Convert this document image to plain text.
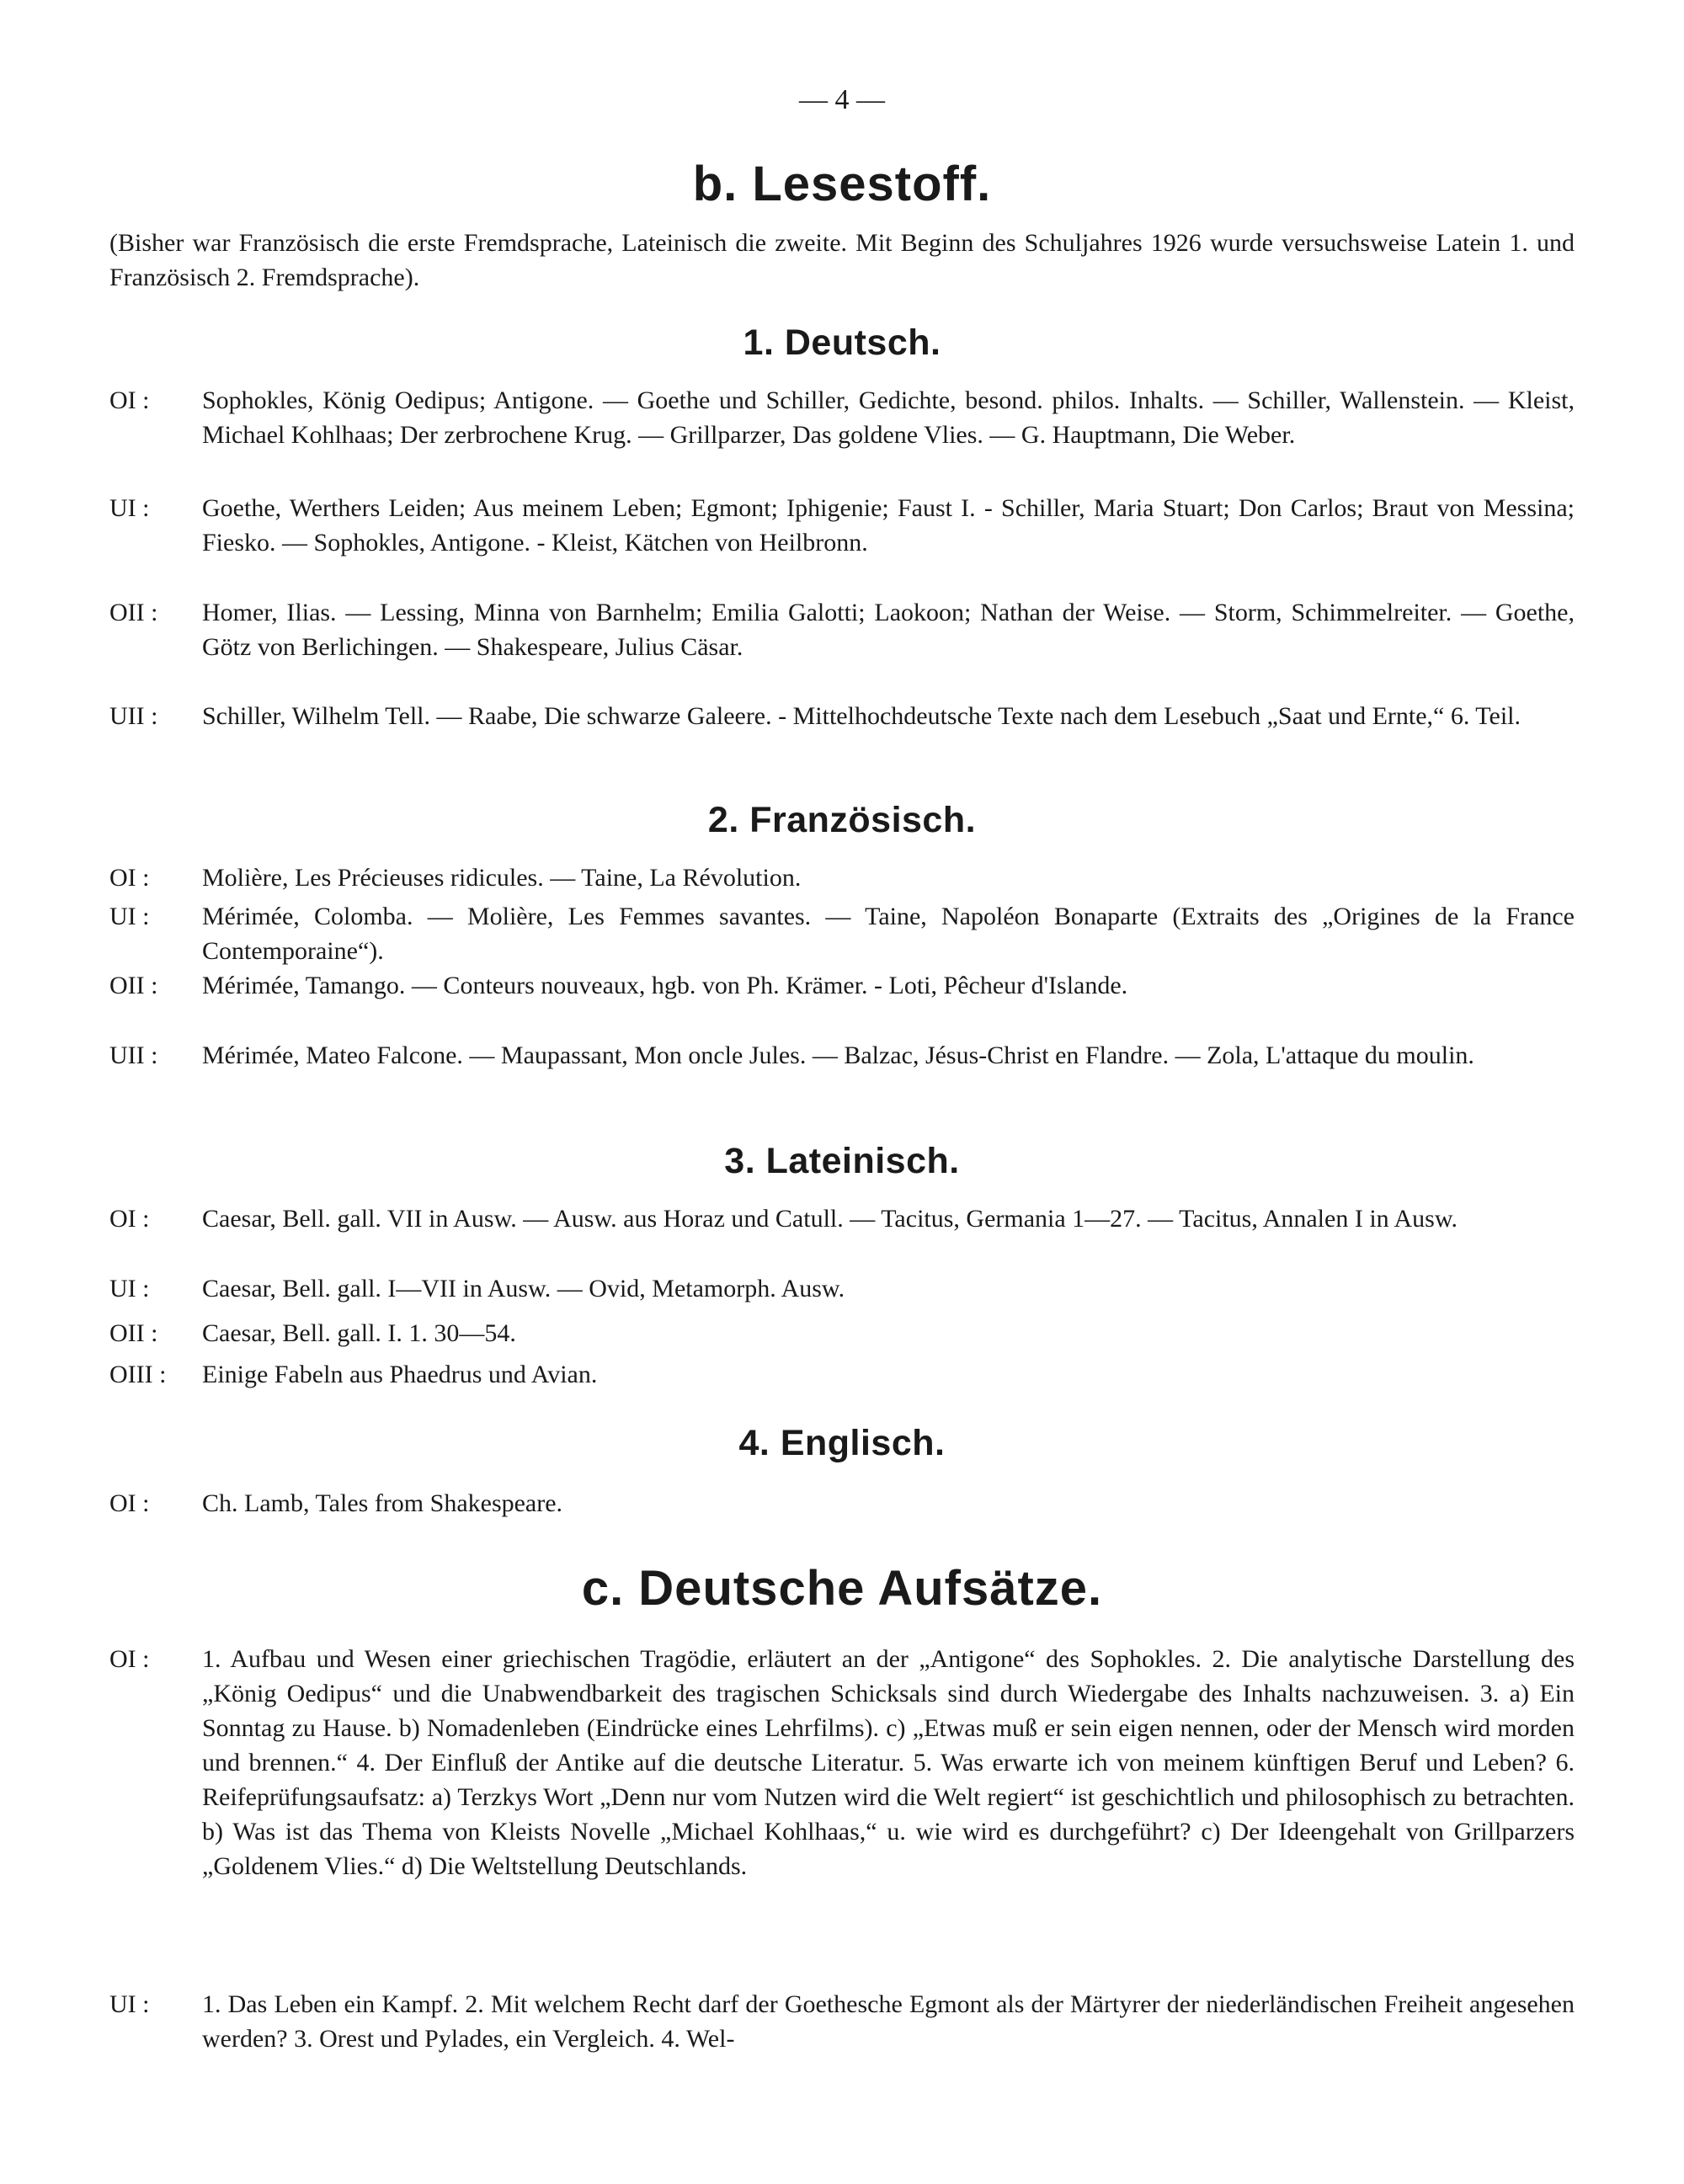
— 4 —
b. Lesestoff.

(Bisher war Französisch die erste Fremdsprache, Lateinisch die zweite. Mit Beginn des Schuljahres 1926 wurde versuchsweise Latein 1. und Französisch 2. Fremdsprache).

1. Deutsch.
OI :	Sophokles, König Oedipus; Antigone. — Goethe und Schiller, Gedichte, besond. philos. Inhalts. — Schiller, Wallenstein. — Kleist, Michael Kohlhaas; Der zerbrochene Krug. — Grillparzer, Das goldene Vlies. — G. Hauptmann, Die Weber.

UI :	Goethe, Werthers Leiden; Aus meinem Leben; Egmont; Iphigenie; Faust I. - Schiller, Maria Stuart; Don Carlos; Braut von Messina; Fiesko. — Sophokles, Antigone. - Kleist, Kätchen von Heilbronn.

OII :	Homer, Ilias. — Lessing, Minna von Barnhelm; Emilia Galotti; Laokoon; Nathan der Weise. — Storm, Schimmelreiter. — Goethe, Götz von Berlichingen. — Shakespeare, Julius Cäsar.

UII :	Schiller, Wilhelm Tell. — Raabe, Die schwarze Galeere. - Mittelhochdeutsche Texte nach dem Lesebuch „Saat und Ernte,“ 6. Teil.

2. Französisch.
OI :	Molière, Les Précieuses ridicules. — Taine, La Révolution.

UI :	Mérimée, Colomba. — Molière, Les Femmes savantes. — Taine, Napoléon Bonaparte (Extraits des „Origines de la France Contemporaine“).

OII :	Mérimée, Tamango. — Conteurs nouveaux, hgb. von Ph. Krämer. - Loti, Pêcheur d'Islande.

UII :	Mérimée, Mateo Falcone. — Maupassant, Mon oncle Jules. — Balzac, Jésus-Christ en Flandre. — Zola, L'attaque du moulin.

3. Lateinisch.
OI :	Caesar, Bell. gall. VII in Ausw. — Ausw. aus Horaz und Catull. — Tacitus, Germania 1—27. — Tacitus, Annalen I in Ausw.

UI :	Caesar, Bell. gall. I—VII in Ausw. — Ovid, Metamorph. Ausw.

OII :	Caesar, Bell. gall. I. 1. 30—54.

OIII :	Einige Fabeln aus Phaedrus und Avian.

4. Englisch.
OI :	Ch. Lamb, Tales from Shakespeare.

c. Deutsche Aufsätze.
OI :	1. Aufbau und Wesen einer griechischen Tragödie, erläutert an der „Antigone“ des Sophokles. 2. Die analytische Darstellung des „König Oedipus“ und die Unabwendbarkeit des tragischen Schicksals sind durch Wiedergabe des Inhalts nachzuweisen. 3. a) Ein Sonntag zu Hause. b) Nomadenleben (Eindrücke eines Lehrfilms). c) „Etwas muß er sein eigen nennen, oder der Mensch wird morden und brennen.“ 4. Der Einfluß der Antike auf die deutsche Literatur. 5. Was erwarte ich von meinem künftigen Beruf und Leben? 6. Reifeprüfungsaufsatz: a) Terzkys Wort „Denn nur vom Nutzen wird die Welt regiert“ ist geschichtlich und philosophisch zu betrachten. b) Was ist das Thema von Kleists Novelle „Michael Kohlhaas,“ u. wie wird es durchgeführt? c) Der Ideengehalt von Grillparzers „Goldenem Vlies.“ d) Die Weltstellung Deutschlands.

UI :	1. Das Leben ein Kampf. 2. Mit welchem Recht darf der Goethesche Egmont als der Märtyrer der niederländischen Freiheit angesehen werden? 3. Orest und Pylades, ein Vergleich. 4. Wel-
